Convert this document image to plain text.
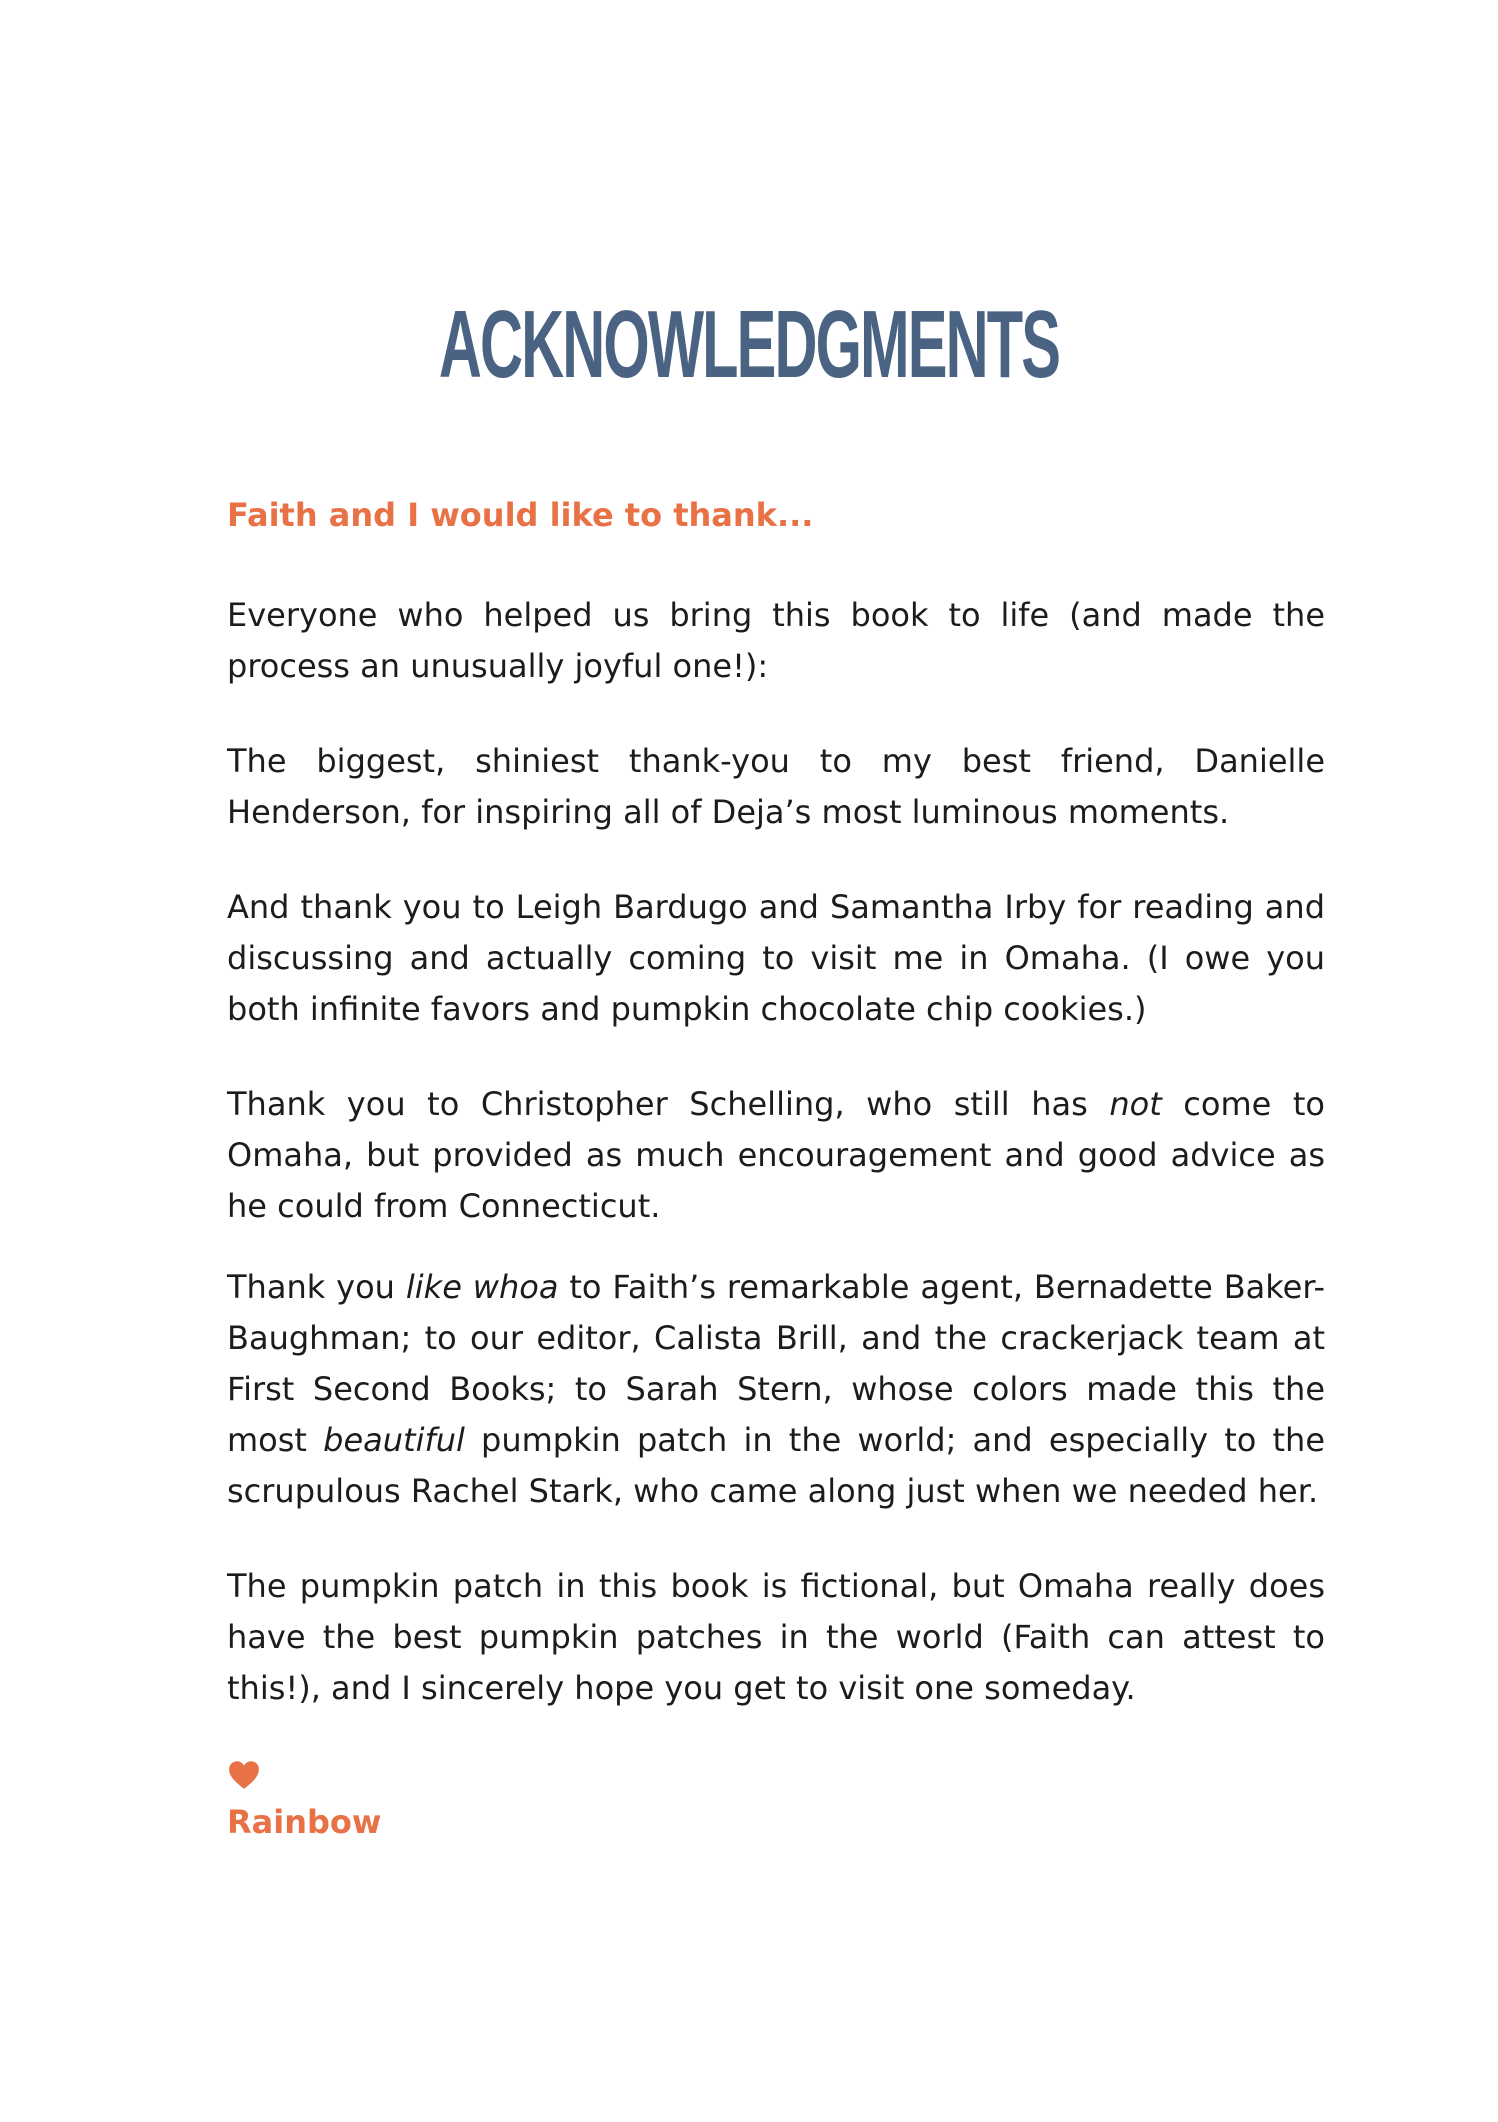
ACKNOWLEDGMENTS
Faith and I would like to thank...

Everyone who helped us bring this book to life (and made the process an unusually joyful one!):

The biggest, shiniest thank-you to my best friend, Danielle Henderson, for inspiring all of Deja’s most luminous moments.

And thank you to Leigh Bardugo and Samantha Irby for reading and discussing and actually coming to visit me in Omaha. (I owe you both infinite favors and pumpkin chocolate chip cookies.)

Thank you to Christopher Schelling, who still has not come to Omaha, but provided as much encouragement and good advice as he could from Connecticut.

Thank you like whoa to Faith’s remarkable agent, Bernadette Baker-Baughman; to our editor, Calista Brill, and the crackerjack team at First Second Books; to Sarah Stern, whose colors made this the most beautiful pumpkin patch in the world; and especially to the scrupulous Rachel Stark, who came along just when we needed her.

The pumpkin patch in this book is fictional, but Omaha really does have the best pumpkin patches in the world (Faith can attest to this!), and I sincerely hope you get to visit one someday.

Rainbow
